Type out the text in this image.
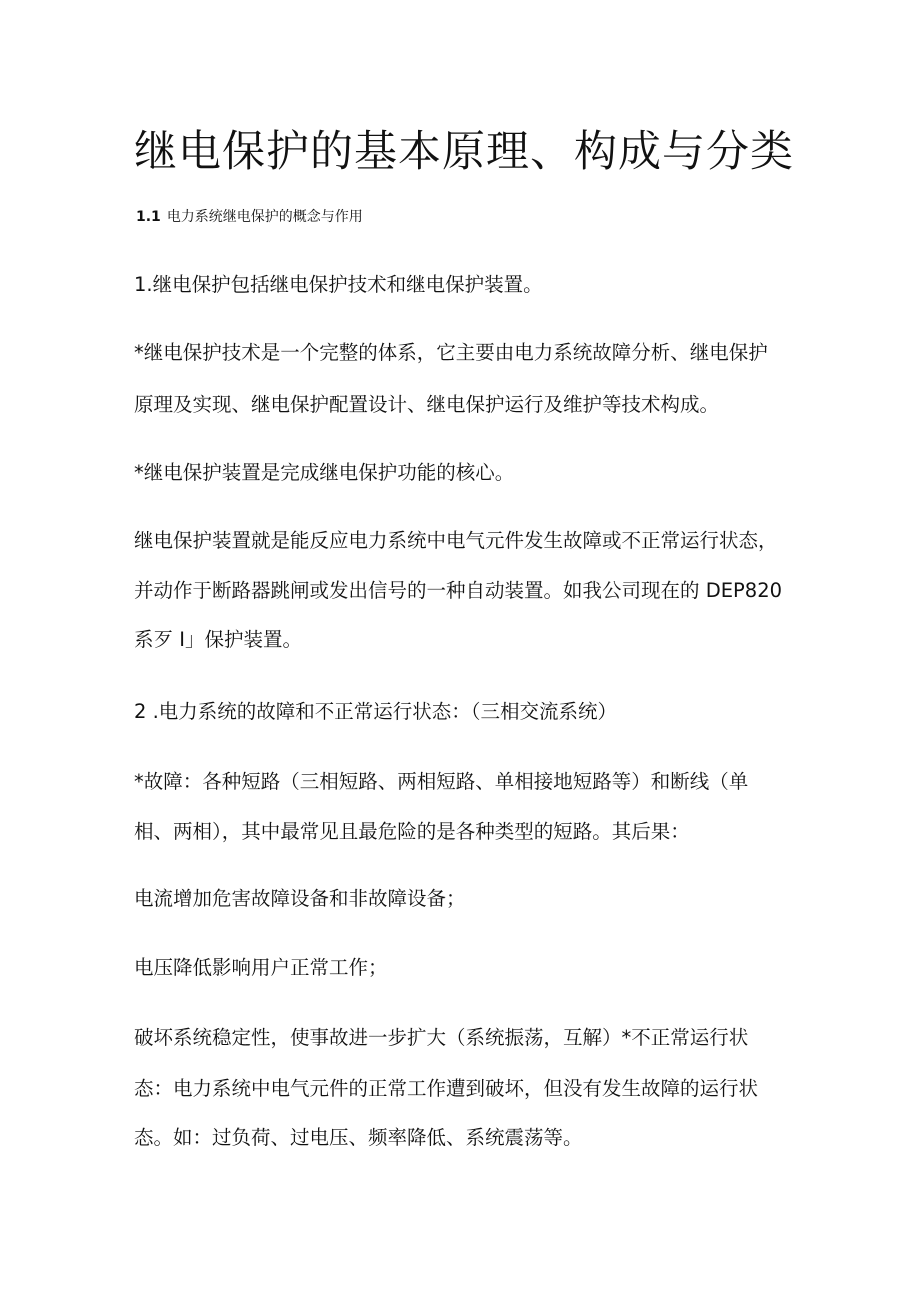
继电保护的基本原理、构成与分类
1.1 电力系统继电保护的概念与作用
1.继电保护包括继电保护技术和继电保护装置。
*继电保护技术是一个完整的体系，它主要由电力系统故障分析、继电保护
原理及实现、继电保护配置设计、继电保护运行及维护等技术构成。
*继电保护装置是完成继电保护功能的核心。
继电保护装置就是能反应电力系统中电气元件发生故障或不正常运行状态，
并动作于断路器跳闸或发出信号的一种自动装置。如我公司现在的 DEP820
系歹 I」保护装置。
2 .电力系统的故障和不正常运行状态：（三相交流系统）
*故障：各种短路（三相短路、两相短路、单相接地短路等）和断线（单
相、两相），其中最常见且最危险的是各种类型的短路。其后果：
电流增加危害故障设备和非故障设备；
电压降低影响用户正常工作；
破坏系统稳定性，使事故进一步扩大（系统振荡，互解）*不正常运行状
态：电力系统中电气元件的正常工作遭到破坏，但没有发生故障的运行状
态。如：过负荷、过电压、频率降低、系统震荡等。
